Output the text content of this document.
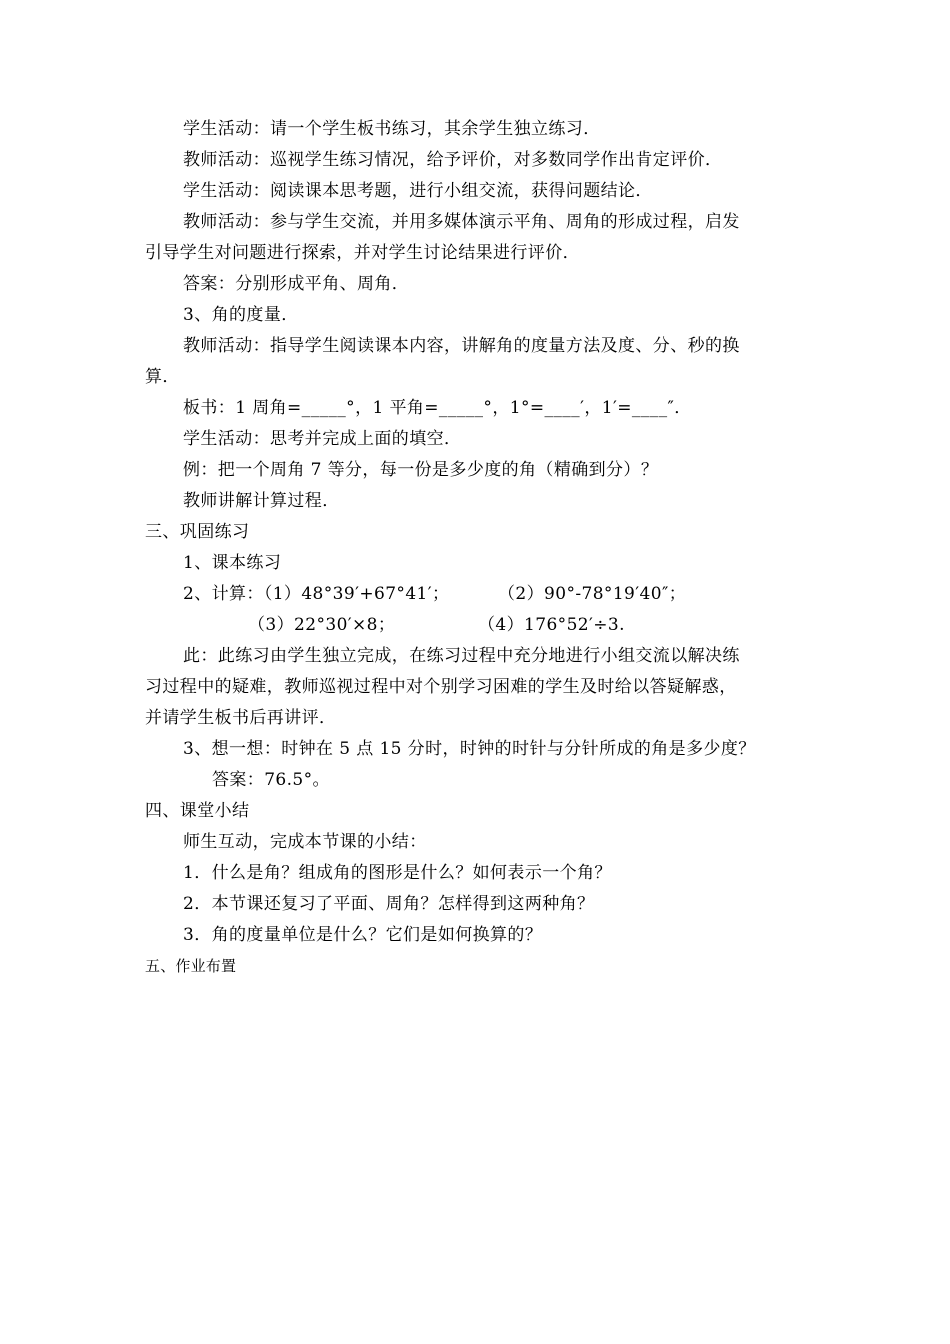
学生活动：请一个学生板书练习，其余学生独立练习．
教师活动：巡视学生练习情况，给予评价，对多数同学作出肯定评价．
学生活动：阅读课本思考题，进行小组交流，获得问题结论．
教师活动：参与学生交流，并用多媒体演示平角、周角的形成过程，启发
引导学生对问题进行探索，并对学生讨论结果进行评价．
答案：分别形成平角、周角．
3、角的度量．
教师活动：指导学生阅读课本内容，讲解角的度量方法及度、分、秒的换
算．
板书：1 周角=_____°，1 平角=_____°，1°=____′，1′=____″．
学生活动：思考并完成上面的填空．
例：把一个周角 7 等分，每一份是多少度的角（精确到分）？
教师讲解计算过程．
三、巩固练习
1、课本练习
2、计算：（1）48°39′+67°41′；	（2）90°-78°19′40″；
（3）22°30′×8；	（4）176°52′÷3.
此：此练习由学生独立完成，在练习过程中充分地进行小组交流以解决练
习过程中的疑难，教师巡视过程中对个别学习困难的学生及时给以答疑解惑，
并请学生板书后再讲评．
3、想一想：时钟在 5 点 15 分时，时钟的时针与分针所成的角是多少度？
答案：76.5°。
四、课堂小结
师生互动，完成本节课的小结：
1．什么是角？组成角的图形是什么？如何表示一个角？
2．本节课还复习了平面、周角？怎样得到这两种角？
3．角的度量单位是什么？它们是如何换算的？
五、作业布置
